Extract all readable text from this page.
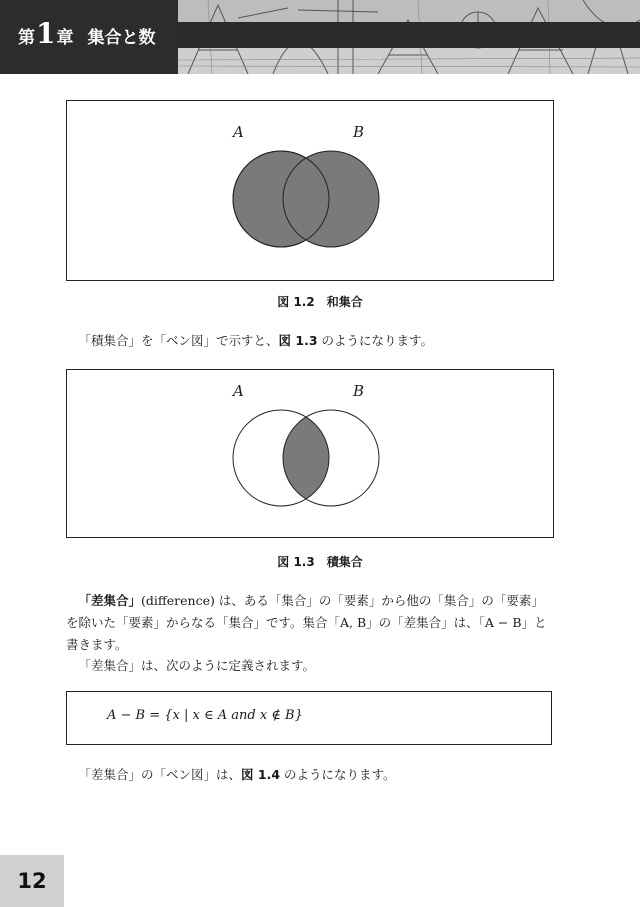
第 1 章 集合と数
A	B
図 1.2　和集合
「積集合」を「ベン図」で示すと、図 1.3 のようになります。
A	B
図 1.3　積集合
「差集合」(difference) は、ある「集合」の「要素」から他の「集合」の「要素」を除いた「要素」からなる「集合」です。集合「A, B」の「差集合」は、「A − B」と書きます。
「差集合」は、次のように定義されます。
A − B = {x | x ∈ A and x ∉ B}
「差集合」の「ベン図」は、図 1.4 のようになります。
12
